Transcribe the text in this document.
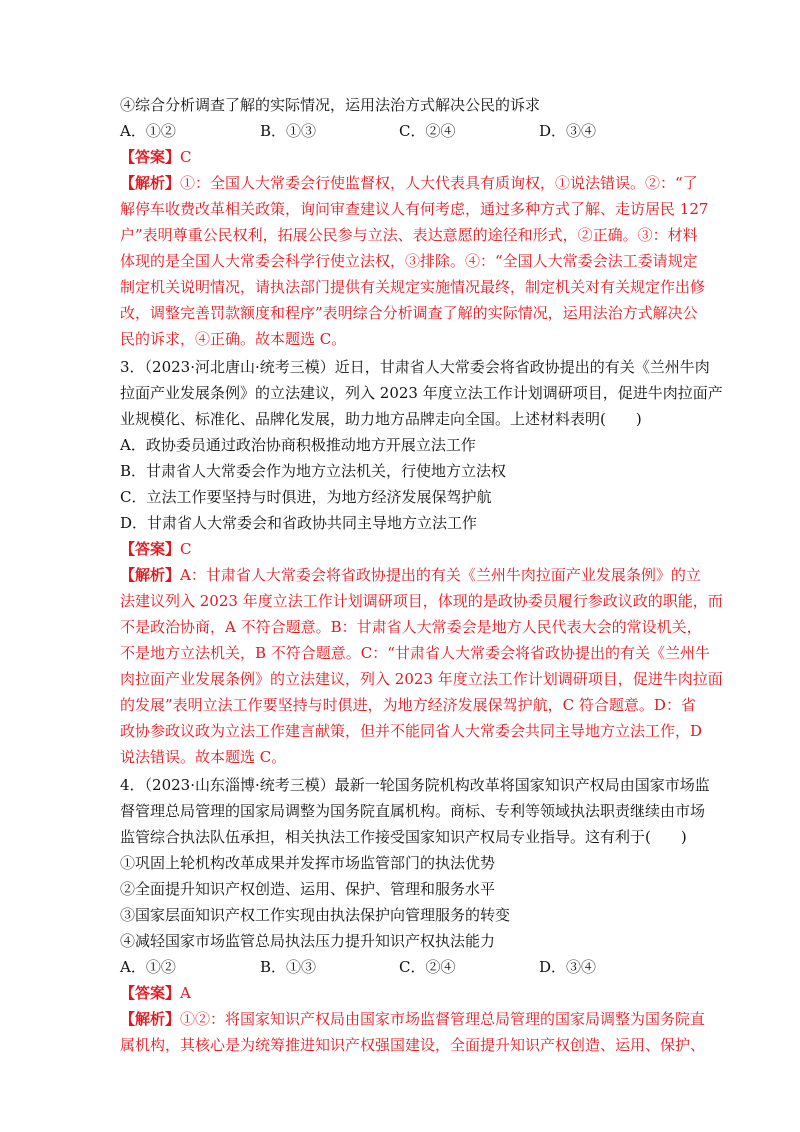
④综合分析调查了解的实际情况，运用法治方式解决公民的诉求
A．①②	B．①③	C．②④	D．③④
【答案】C
【解析】①：全国人大常委会行使监督权，人大代表具有质询权，①说法错误。②：“了
解停车收费改革相关政策，询问审查建议人有何考虑，通过多种方式了解、走访居民 127
户”表明尊重公民权利，拓展公民参与立法、表达意愿的途径和形式，②正确。③：材料
体现的是全国人大常委会科学行使立法权，③排除。④：“全国人大常委会法工委请规定
制定机关说明情况，请执法部门提供有关规定实施情况最终，制定机关对有关规定作出修
改，调整完善罚款额度和程序”表明综合分析调查了解的实际情况，运用法治方式解决公
民的诉求，④正确。故本题选 C。
3．（2023·河北唐山·统考三模）近日，甘肃省人大常委会将省政协提出的有关《兰州牛肉
拉面产业发展条例》的立法建议，列入 2023 年度立法工作计划调研项目，促进牛肉拉面产
业规模化、标准化、品牌化发展，助力地方品牌走向全国。上述材料表明(　　)
A．政协委员通过政治协商积极推动地方开展立法工作
B．甘肃省人大常委会作为地方立法机关，行使地方立法权
C．立法工作要坚持与时俱进，为地方经济发展保驾护航
D．甘肃省人大常委会和省政协共同主导地方立法工作
【答案】C
【解析】A：甘肃省人大常委会将省政协提出的有关《兰州牛肉拉面产业发展条例》的立
法建议列入 2023 年度立法工作计划调研项目，体现的是政协委员履行参政议政的职能，而
不是政治协商，A 不符合题意。B：甘肃省人大常委会是地方人民代表大会的常设机关，
不是地方立法机关，B 不符合题意。C：“甘肃省人大常委会将省政协提出的有关《兰州牛
肉拉面产业发展条例》的立法建议，列入 2023 年度立法工作计划调研项目，促进牛肉拉面
的发展”表明立法工作要坚持与时俱进，为地方经济发展保驾护航，C 符合题意。D：省
政协参政议政为立法工作建言献策，但并不能同省人大常委会共同主导地方立法工作，D
说法错误。故本题选 C。
4．（2023·山东淄博·统考三模）最新一轮国务院机构改革将国家知识产权局由国家市场监
督管理总局管理的国家局调整为国务院直属机构。商标、专利等领域执法职责继续由市场
监管综合执法队伍承担，相关执法工作接受国家知识产权局专业指导。这有利于(　　)
①巩固上轮机构改革成果并发挥市场监管部门的执法优势
②全面提升知识产权创造、运用、保护、管理和服务水平
③国家层面知识产权工作实现由执法保护向管理服务的转变
④减轻国家市场监管总局执法压力提升知识产权执法能力
A．①②	B．①③	C．②④	D．③④
【答案】A
【解析】①②：将国家知识产权局由国家市场监督管理总局管理的国家局调整为国务院直
属机构，其核心是为统筹推进知识产权强国建设，全面提升知识产权创造、运用、保护、
